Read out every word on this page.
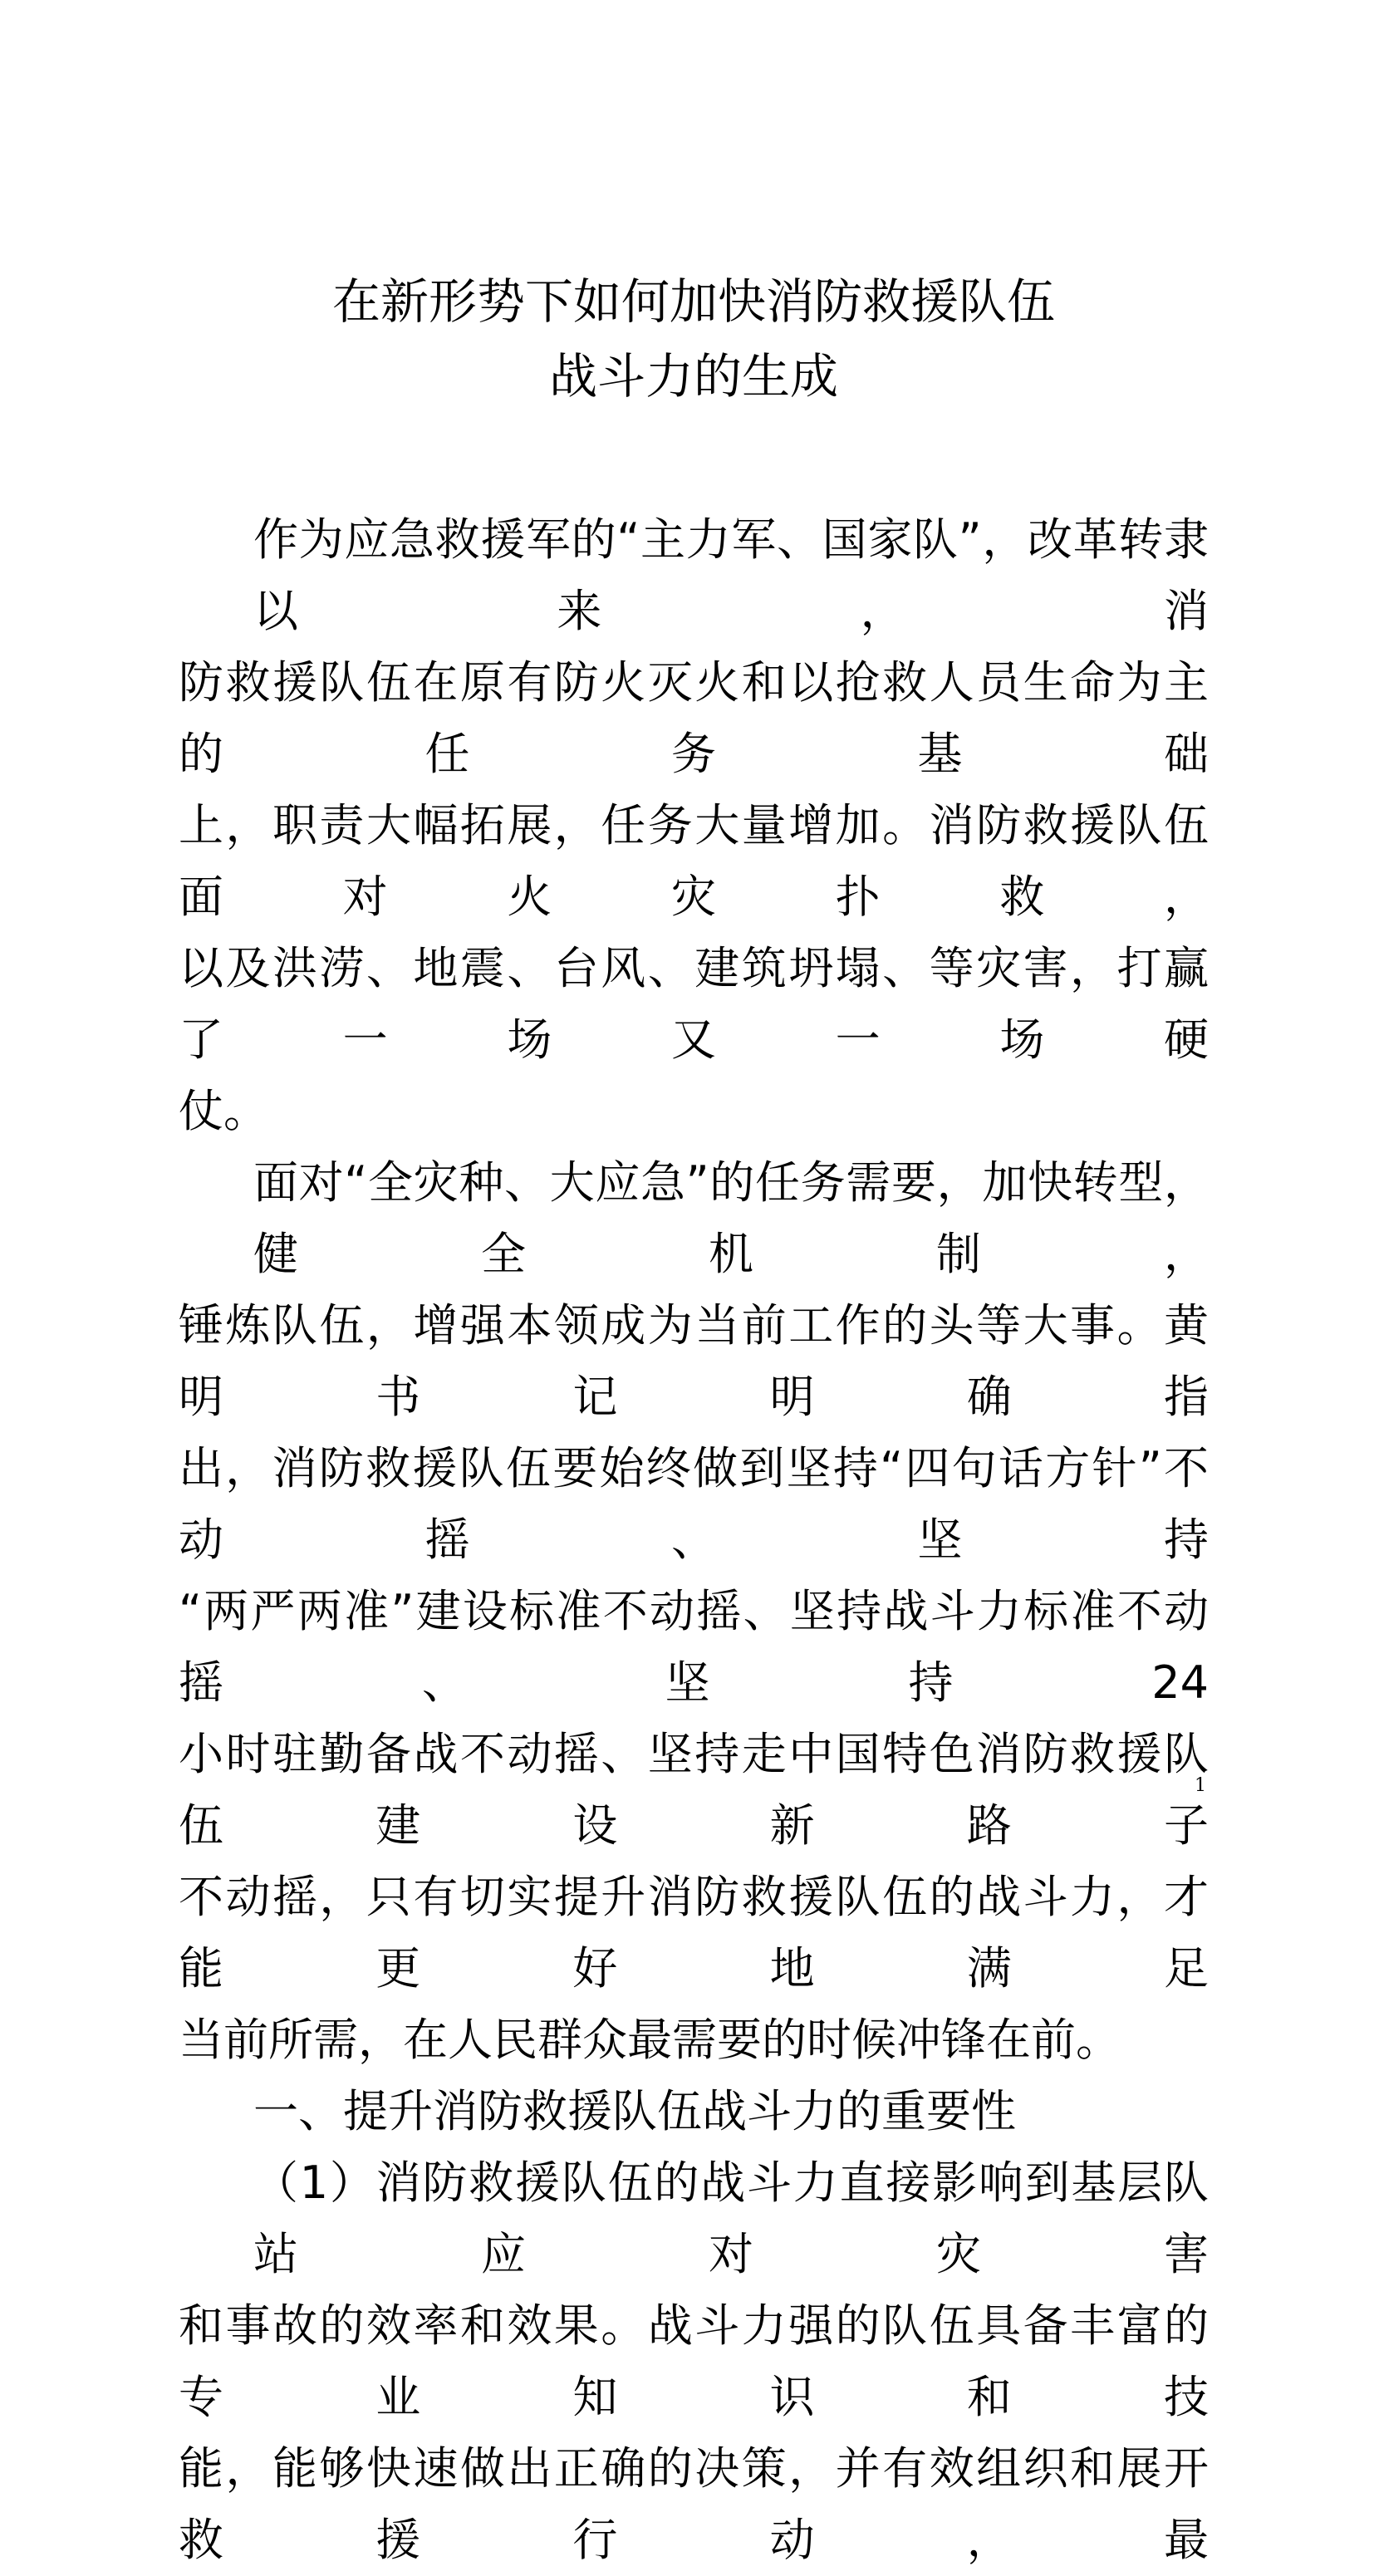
在新形势下如何加快消防救援队伍
战斗力的生成
作为应急救援军的“主力军、国家队”，改革转隶以来，消
防救援队伍在原有防火灭火和以抢救人员生命为主的任务基础
上，职责大幅拓展，任务大量增加。消防救援队伍面对火灾扑救，
以及洪涝、地震、台风、建筑坍塌、等灾害，打赢了一场又一场硬
仗。
面对“全灾种、大应急”的任务需要，加快转型，健全机制，
锤炼队伍，增强本领成为当前工作的头等大事。黄明书记明确指
出，消防救援队伍要始终做到坚持“四句话方针”不动摇、坚持
“两严两准”建设标准不动摇、坚持战斗力标准不动摇、坚持24
小时驻勤备战不动摇、坚持走中国特色消防救援队伍建设新路子
不动摇，只有切实提升消防救援队伍的战斗力，才能更好地满足
当前所需，在人民群众最需要的时候冲锋在前。
一、提升消防救援队伍战斗力的重要性
（1）消防救援队伍的战斗力直接影响到基层队站应对灾害
和事故的效率和效果。战斗力强的队伍具备丰富的专业知识和技
能，能够快速做出正确的决策，并有效组织和展开救援行动，最
1
